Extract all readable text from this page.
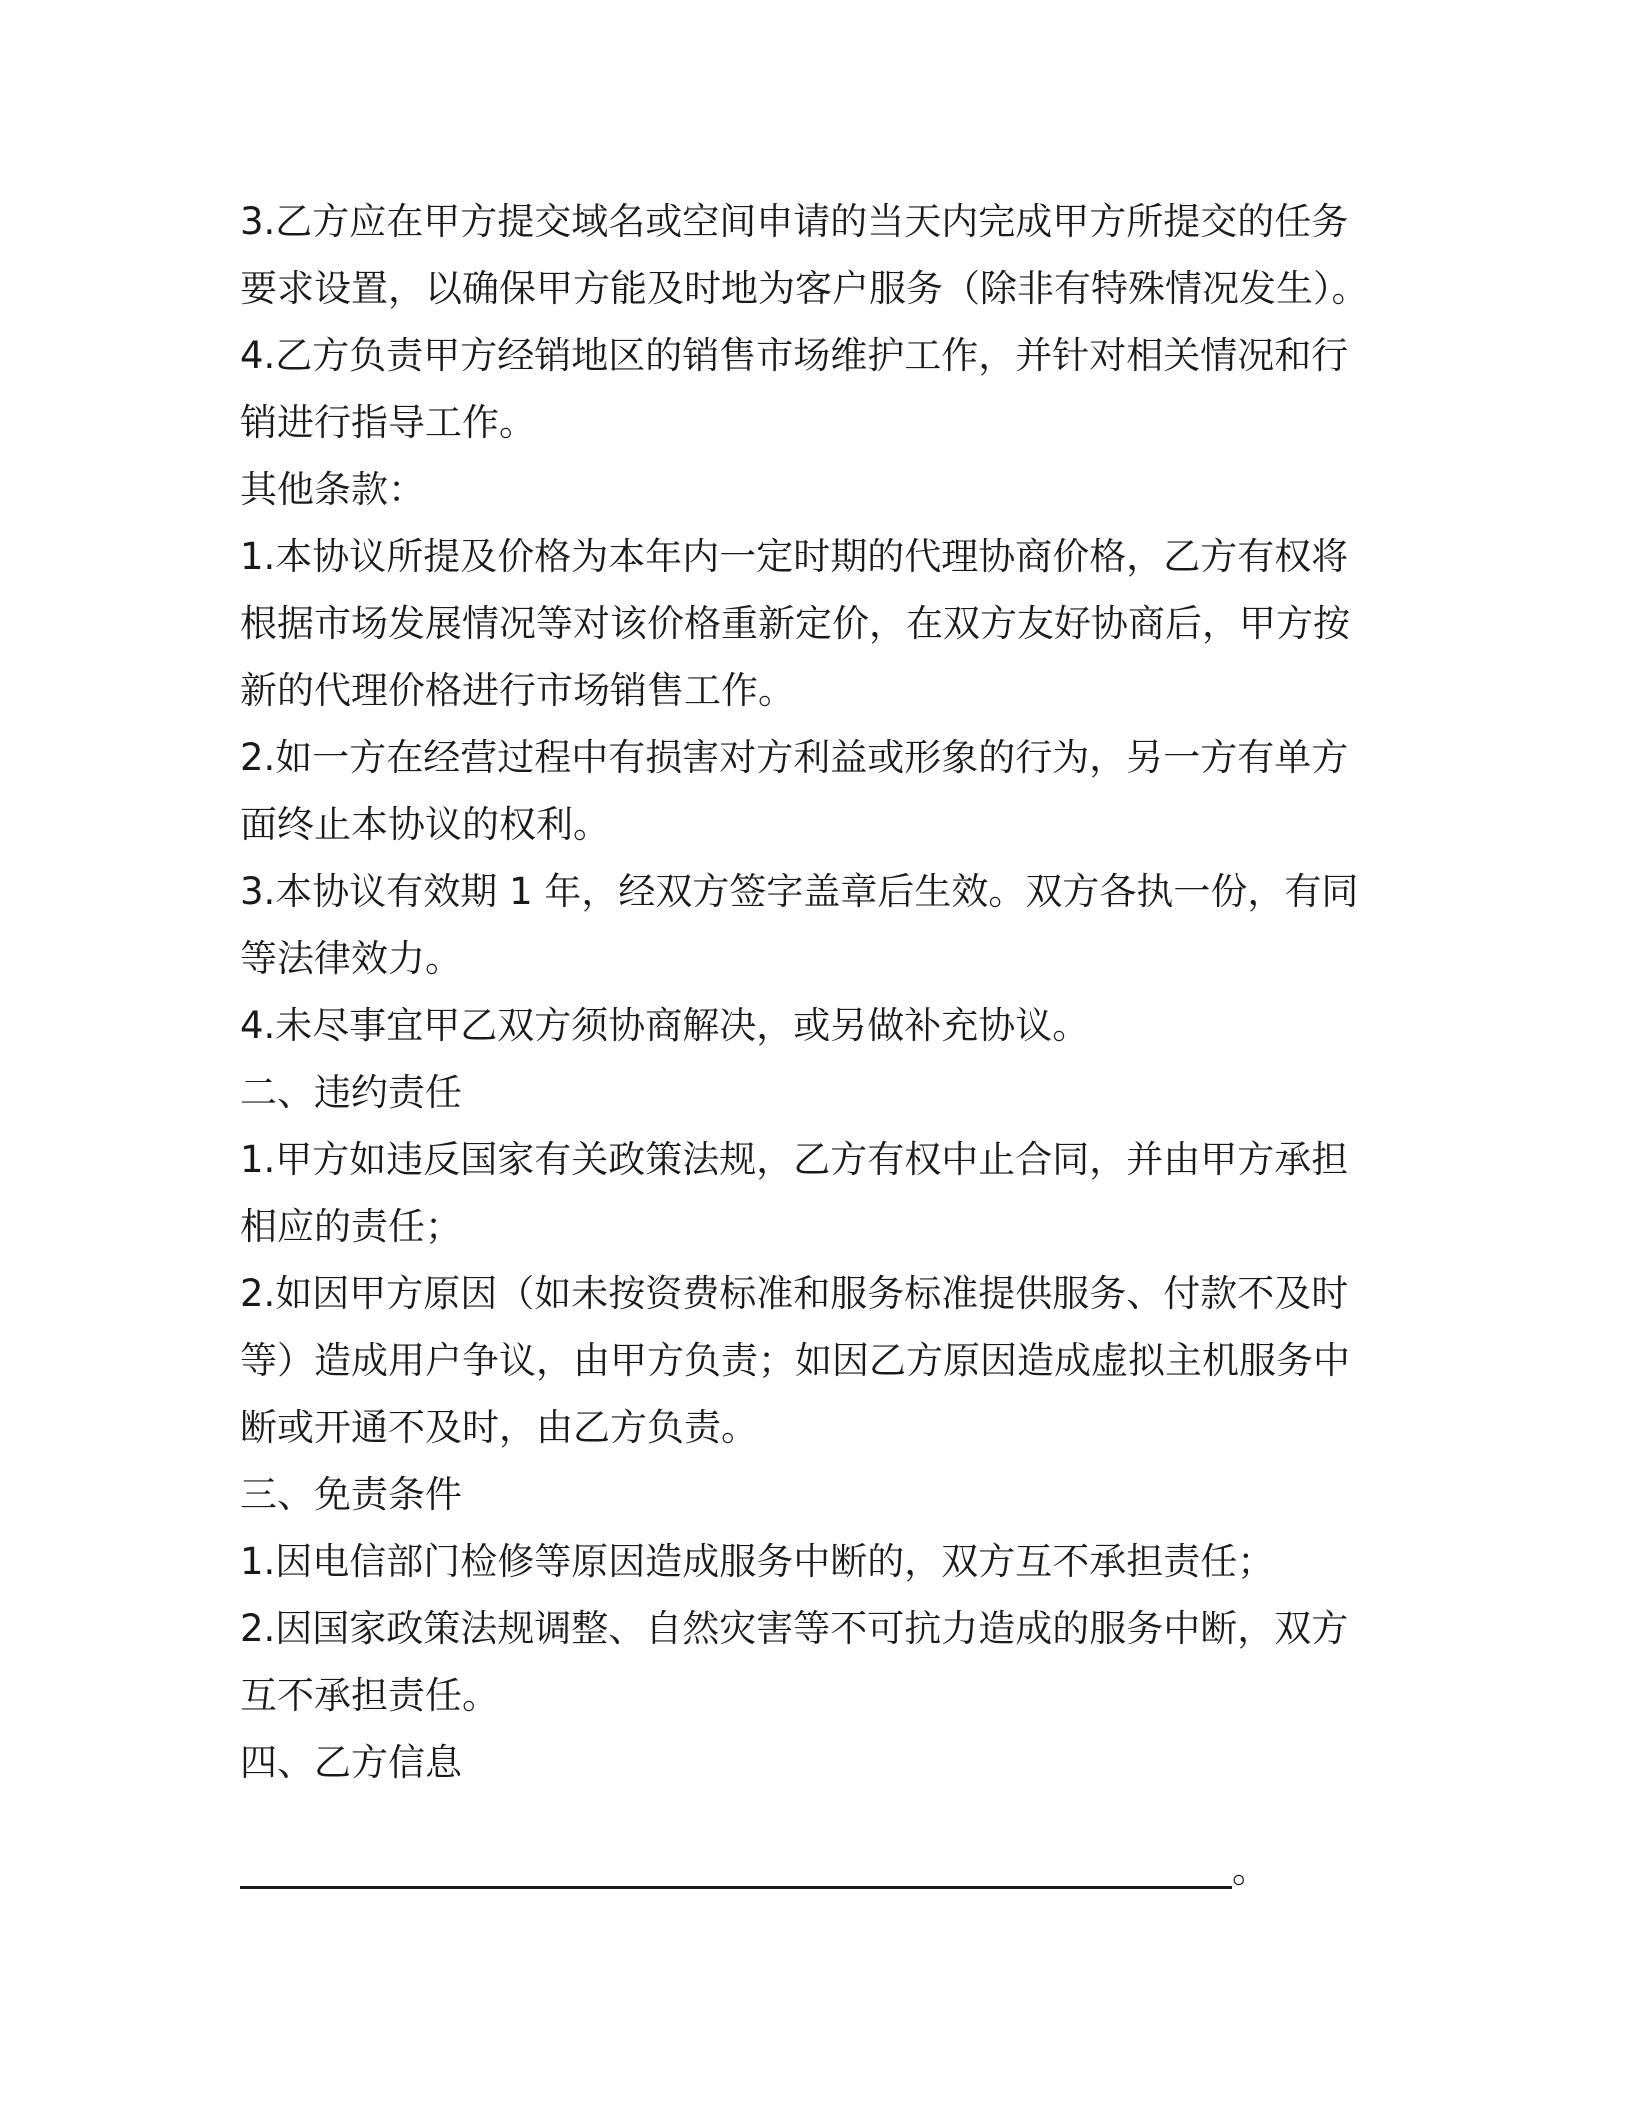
3.乙方应在甲方提交域名或空间申请的当天内完成甲方所提交的任务
要求设置，以确保甲方能及时地为客户服务（除非有特殊情况发生）。
4.乙方负责甲方经销地区的销售市场维护工作，并针对相关情况和行
销进行指导工作。
其他条款：
1.本协议所提及价格为本年内一定时期的代理协商价格，乙方有权将
根据市场发展情况等对该价格重新定价，在双方友好协商后，甲方按
新的代理价格进行市场销售工作。
2.如一方在经营过程中有损害对方利益或形象的行为，另一方有单方
面终止本协议的权利。
3.本协议有效期 1 年，经双方签字盖章后生效。双方各执一份，有同
等法律效力。
4.未尽事宜甲乙双方须协商解决，或另做补充协议。
二、违约责任
1.甲方如违反国家有关政策法规，乙方有权中止合同，并由甲方承担
相应的责任；
2.如因甲方原因（如未按资费标准和服务标准提供服务、付款不及时
等）造成用户争议，由甲方负责；如因乙方原因造成虚拟主机服务中
断或开通不及时，由乙方负责。
三、免责条件
1.因电信部门检修等原因造成服务中断的，双方互不承担责任；
2.因国家政策法规调整、自然灾害等不可抗力造成的服务中断，双方
互不承担责任。
四、乙方信息
。
